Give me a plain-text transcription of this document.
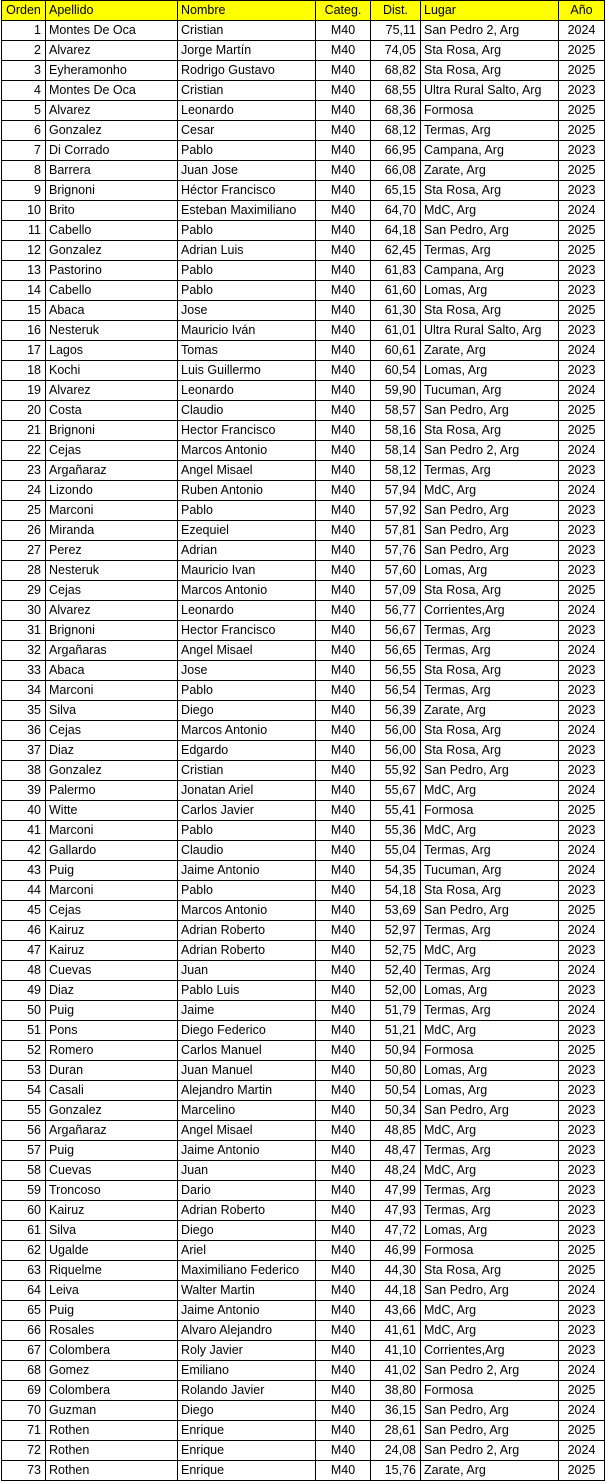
Orden	Apellido	Nombre	Categ.	Dist.	Lugar	Año
1	Montes De Oca	Cristian	M40	75,11	San Pedro 2, Arg	2024
2	Alvarez	Jorge Martín	M40	74,05	Sta Rosa, Arg	2025
3	Eyheramonho	Rodrigo Gustavo	M40	68,82	Sta Rosa, Arg	2025
4	Montes De Oca	Cristian	M40	68,55	Ultra Rural Salto, Arg	2023
5	Alvarez	Leonardo	M40	68,36	Formosa	2025
6	Gonzalez	Cesar	M40	68,12	Termas, Arg	2025
7	Di Corrado	Pablo	M40	66,95	Campana, Arg	2023
8	Barrera	Juan Jose	M40	66,08	Zarate, Arg	2025
9	Brignoni	Héctor Francisco	M40	65,15	Sta Rosa, Arg	2023
10	Brito	Esteban Maximiliano	M40	64,70	MdC, Arg	2024
11	Cabello	Pablo	M40	64,18	San Pedro, Arg	2025
12	Gonzalez	Adrian Luis	M40	62,45	Termas, Arg	2025
13	Pastorino	Pablo	M40	61,83	Campana, Arg	2023
14	Cabello	Pablo	M40	61,60	Lomas, Arg	2023
15	Abaca	Jose	M40	61,30	Sta Rosa, Arg	2025
16	Nesteruk	Mauricio Iván	M40	61,01	Ultra Rural Salto, Arg	2023
17	Lagos	Tomas	M40	60,61	Zarate, Arg	2024
18	Kochi	Luis Guillermo	M40	60,54	Lomas, Arg	2023
19	Alvarez	Leonardo	M40	59,90	Tucuman, Arg	2024
20	Costa	Claudio	M40	58,57	San Pedro, Arg	2025
21	Brignoni	Hector Francisco	M40	58,16	Sta Rosa, Arg	2025
22	Cejas	Marcos Antonio	M40	58,14	San Pedro 2, Arg	2024
23	Argañaraz	Angel Misael	M40	58,12	Termas, Arg	2023
24	Lizondo	Ruben Antonio	M40	57,94	MdC, Arg	2024
25	Marconi	Pablo	M40	57,92	San Pedro, Arg	2023
26	Miranda	Ezequiel	M40	57,81	San Pedro, Arg	2023
27	Perez	Adrian	M40	57,76	San Pedro, Arg	2023
28	Nesteruk	Mauricio Ivan	M40	57,60	Lomas, Arg	2023
29	Cejas	Marcos Antonio	M40	57,09	Sta Rosa, Arg	2025
30	Alvarez	Leonardo	M40	56,77	Corrientes,Arg	2024
31	Brignoni	Hector Francisco	M40	56,67	Termas, Arg	2023
32	Argañaras	Angel Misael	M40	56,65	Termas, Arg	2024
33	Abaca	Jose	M40	56,55	Sta Rosa, Arg	2023
34	Marconi	Pablo	M40	56,54	Termas, Arg	2023
35	Silva	Diego	M40	56,39	Zarate, Arg	2023
36	Cejas	Marcos Antonio	M40	56,00	Sta Rosa, Arg	2024
37	Diaz	Edgardo	M40	56,00	Sta Rosa, Arg	2023
38	Gonzalez	Cristian	M40	55,92	San Pedro, Arg	2023
39	Palermo	Jonatan Ariel	M40	55,67	MdC, Arg	2024
40	Witte	Carlos Javier	M40	55,41	Formosa	2025
41	Marconi	Pablo	M40	55,36	MdC, Arg	2023
42	Gallardo	Claudio	M40	55,04	Termas, Arg	2024
43	Puig	Jaime Antonio	M40	54,35	Tucuman, Arg	2024
44	Marconi	Pablo	M40	54,18	Sta Rosa, Arg	2023
45	Cejas	Marcos Antonio	M40	53,69	San Pedro, Arg	2025
46	Kairuz	Adrian Roberto	M40	52,97	Termas, Arg	2024
47	Kairuz	Adrian Roberto	M40	52,75	MdC, Arg	2023
48	Cuevas	Juan	M40	52,40	Termas, Arg	2024
49	Diaz	Pablo Luis	M40	52,00	Lomas, Arg	2023
50	Puig	Jaime	M40	51,79	Termas, Arg	2024
51	Pons	Diego Federico	M40	51,21	MdC, Arg	2023
52	Romero	Carlos Manuel	M40	50,94	Formosa	2025
53	Duran	Juan Manuel	M40	50,80	Lomas, Arg	2023
54	Casali	Alejandro Martin	M40	50,54	Lomas, Arg	2023
55	Gonzalez	Marcelino	M40	50,34	San Pedro, Arg	2023
56	Argañaraz	Angel Misael	M40	48,85	MdC, Arg	2023
57	Puig	Jaime Antonio	M40	48,47	Termas, Arg	2023
58	Cuevas	Juan	M40	48,24	MdC, Arg	2023
59	Troncoso	Dario	M40	47,99	Termas, Arg	2023
60	Kairuz	Adrian Roberto	M40	47,93	Termas, Arg	2023
61	Silva	Diego	M40	47,72	Lomas, Arg	2023
62	Ugalde	Ariel	M40	46,99	Formosa	2025
63	Riquelme	Maximiliano Federico	M40	44,30	Sta Rosa, Arg	2025
64	Leiva	Walter Martin	M40	44,18	San Pedro, Arg	2024
65	Puig	Jaime Antonio	M40	43,66	MdC, Arg	2023
66	Rosales	Alvaro Alejandro	M40	41,61	MdC, Arg	2023
67	Colombera	Roly Javier	M40	41,10	Corrientes,Arg	2023
68	Gomez	Emiliano	M40	41,02	San Pedro 2, Arg	2024
69	Colombera	Rolando Javier	M40	38,80	Formosa	2025
70	Guzman	Diego	M40	36,15	San Pedro, Arg	2024
71	Rothen	Enrique	M40	28,61	San Pedro, Arg	2025
72	Rothen	Enrique	M40	24,08	San Pedro 2, Arg	2024
73	Rothen	Enrique	M40	15,76	Zarate, Arg	2025
